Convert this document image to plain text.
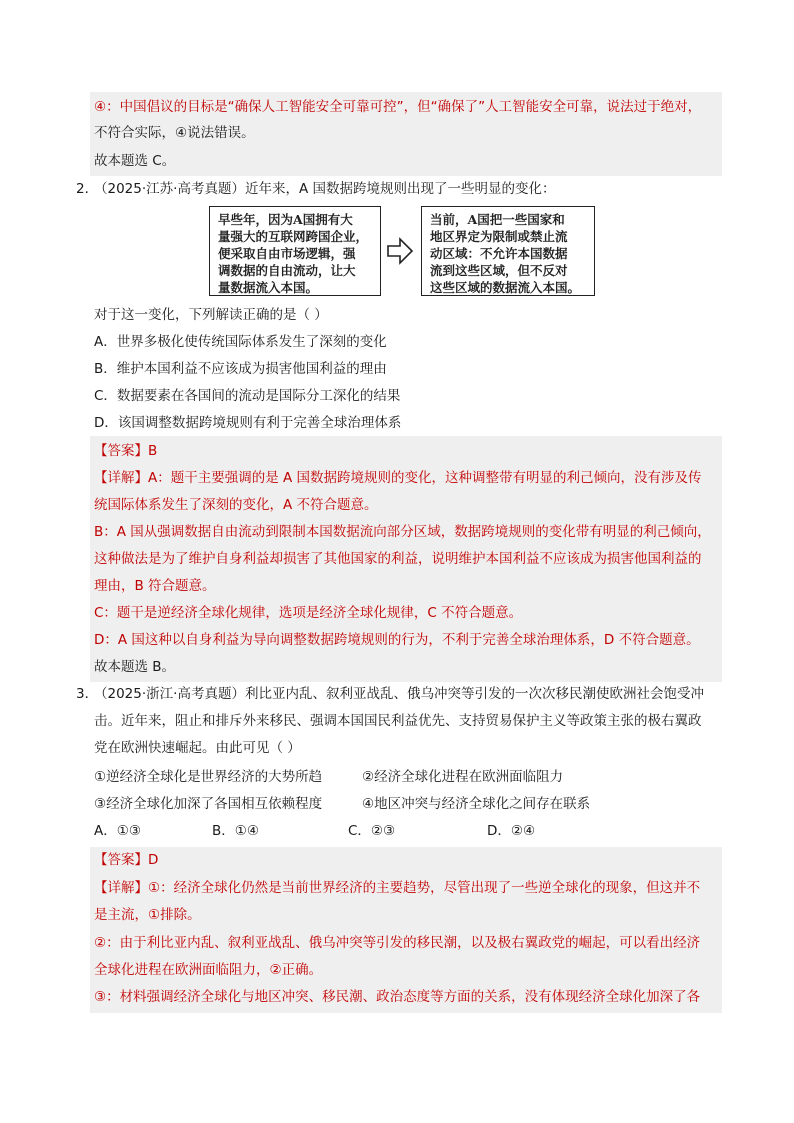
④：中国倡议的目标是“确保人工智能安全可靠可控”，但“确保了”人工智能安全可靠，说法过于绝对，
不符合实际，④说法错误。
故本题选 C。
2．
（2025·江苏·高考真题）近年来，A 国数据跨境规则出现了一些明显的变化：
早些年，因为A国拥有大
量强大的互联网跨国企业，
便采取自由市场逻辑，强
调数据的自由流动，让大
量数据流入本国。
当前，A国把一些国家和
地区界定为限制或禁止流
动区域：不允许本国数据
流到这些区域，但不反对
这些区域的数据流入本国。
对于这一变化，下列解读正确的是（ ）
A．世界多极化使传统国际体系发生了深刻的变化
B．维护本国利益不应该成为损害他国利益的理由
C．数据要素在各国间的流动是国际分工深化的结果
D．该国调整数据跨境规则有利于完善全球治理体系
【答案】B
【详解】A：题干主要强调的是 A 国数据跨境规则的变化，这种调整带有明显的利己倾向，没有涉及传
统国际体系发生了深刻的变化，A 不符合题意。
B：A 国从强调数据自由流动到限制本国数据流向部分区域，数据跨境规则的变化带有明显的利己倾向，
这种做法是为了维护自身利益却损害了其他国家的利益，说明维护本国利益不应该成为损害他国利益的
理由，B 符合题意。
C：题干是逆经济全球化规律，选项是经济全球化规律，C 不符合题意。
D：A 国这种以自身利益为导向调整数据跨境规则的行为，不利于完善全球治理体系，D 不符合题意。
故本题选 B。
3．
（2025·浙江·高考真题）利比亚内乱、叙利亚战乱、俄乌冲突等引发的一次次移民潮使欧洲社会饱受冲
击。近年来，阻止和排斥外来移民、强调本国国民利益优先、支持贸易保护主义等政策主张的极右翼政
党在欧洲快速崛起。由此可见（ ）
①逆经济全球化是世界经济的大势所趋	②经济全球化进程在欧洲面临阻力
③经济全球化加深了各国相互依赖程度	④地区冲突与经济全球化之间存在联系
A．①③	B．①④	C．②③	D．②④
【答案】D
【详解】①：经济全球化仍然是当前世界经济的主要趋势，尽管出现了一些逆全球化的现象，但这并不
是主流，①排除。
②：由于利比亚内乱、叙利亚战乱、俄乌冲突等引发的移民潮，以及极右翼政党的崛起，可以看出经济
全球化进程在欧洲面临阻力，②正确。
③：材料强调经济全球化与地区冲突、移民潮、政治态度等方面的关系，没有体现经济全球化加深了各
